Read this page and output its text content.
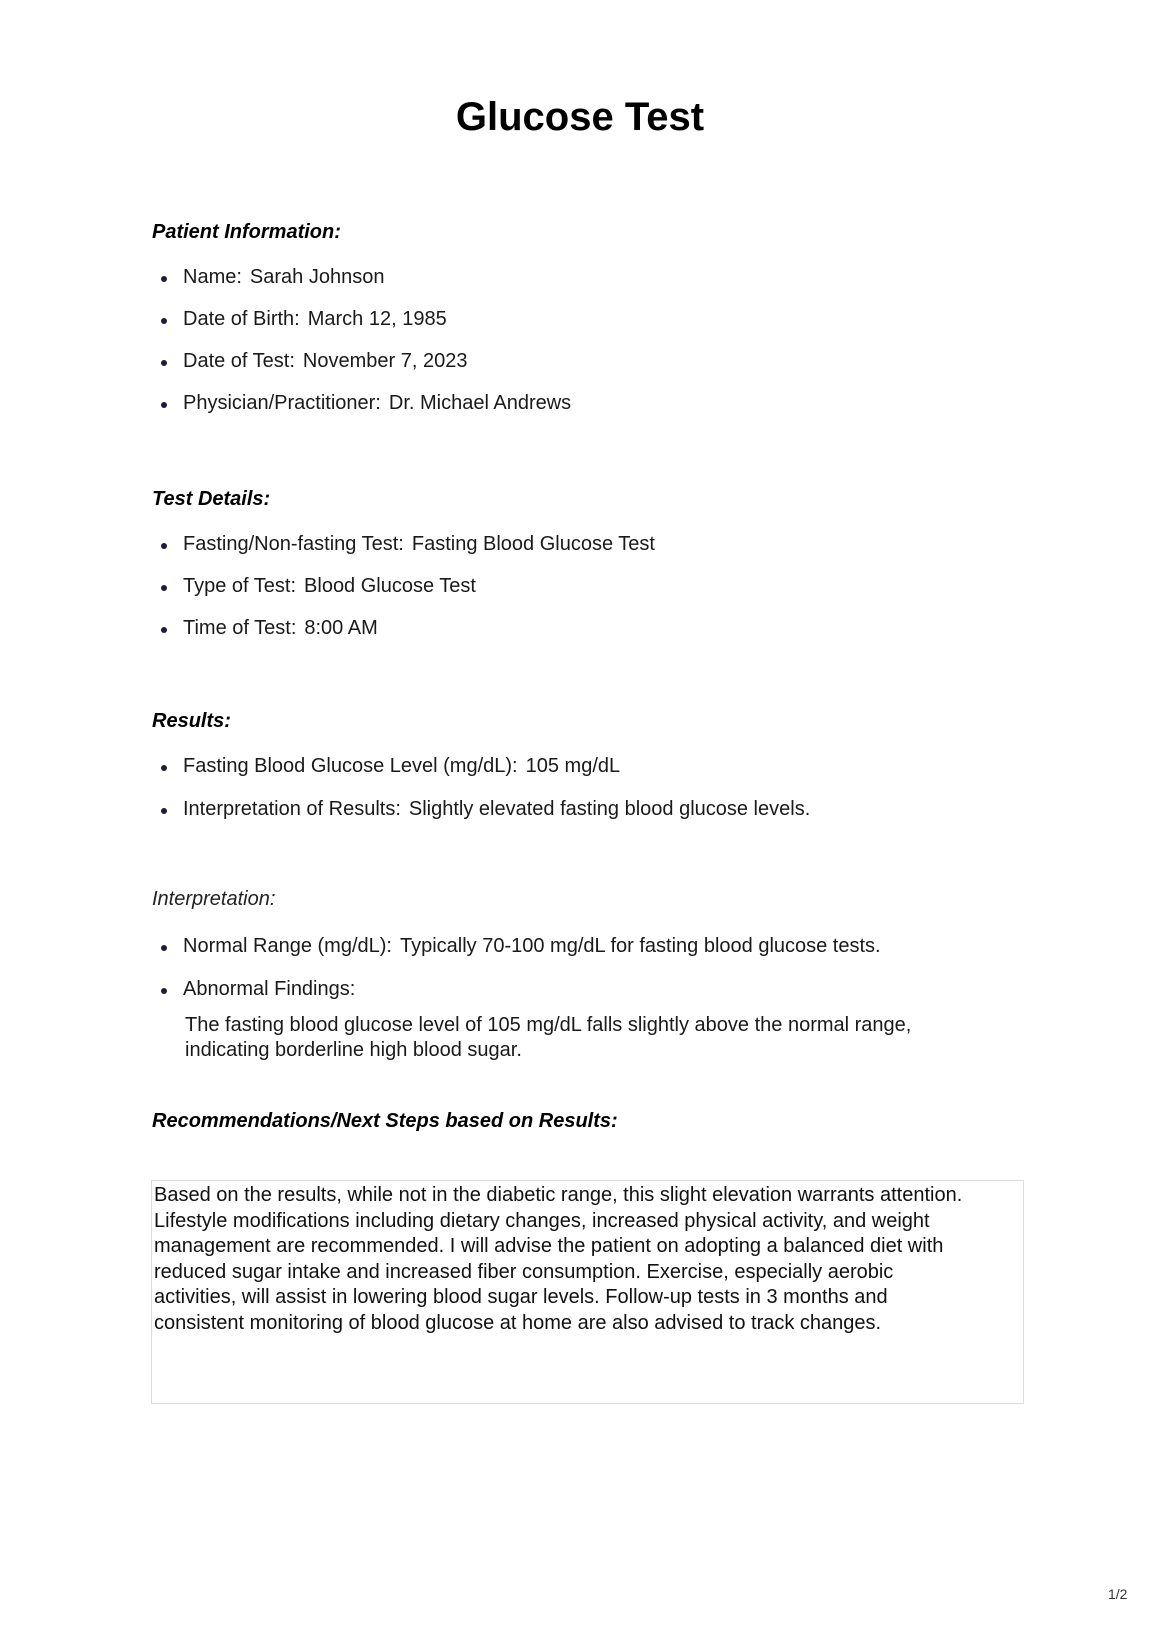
Glucose Test
Patient Information:
Name: Sarah Johnson
Date of Birth: March 12, 1985
Date of Test: November 7, 2023
Physician/Practitioner: Dr. Michael Andrews
Test Details:
Fasting/Non-fasting Test: Fasting Blood Glucose Test
Type of Test: Blood Glucose Test
Time of Test: 8:00 AM
Results:
Fasting Blood Glucose Level (mg/dL): 105 mg/dL
Interpretation of Results: Slightly elevated fasting blood glucose levels.
Interpretation:
Normal Range (mg/dL): Typically 70-100 mg/dL for fasting blood glucose tests.
Abnormal Findings:
The fasting blood glucose level of 105 mg/dL falls slightly above the normal range,
indicating borderline high blood sugar.
Recommendations/Next Steps based on Results:
Based on the results, while not in the diabetic range, this slight elevation warrants attention.
Lifestyle modifications including dietary changes, increased physical activity, and weight
management are recommended. I will advise the patient on adopting a balanced diet with
reduced sugar intake and increased fiber consumption. Exercise, especially aerobic
activities, will assist in lowering blood sugar levels. Follow-up tests in 3 months and
consistent monitoring of blood glucose at home are also advised to track changes.
1/2
